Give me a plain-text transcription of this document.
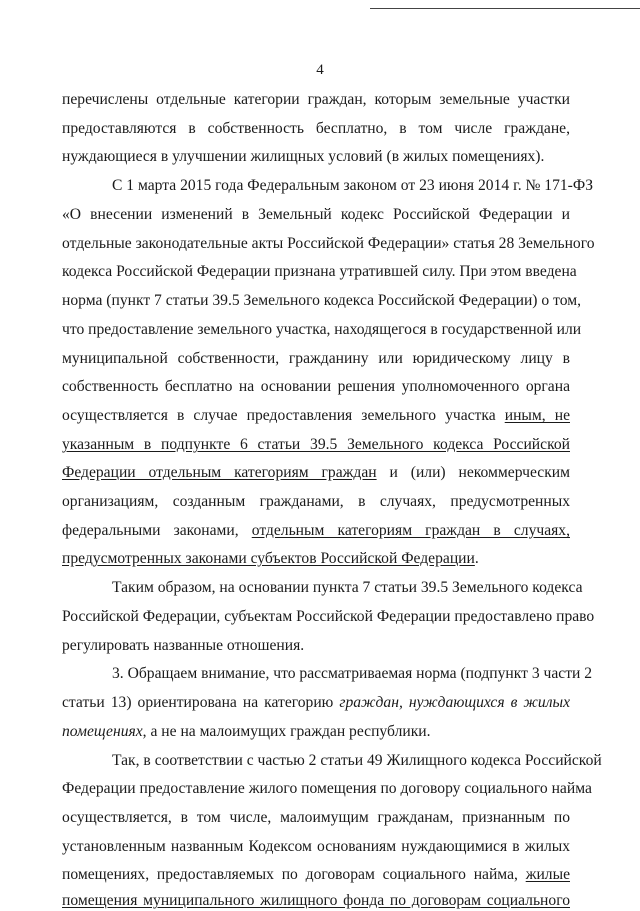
4
перечислены отдельные категории граждан, которым земельные участки
предоставляются в собственность бесплатно, в том числе граждане,
нуждающиеся в улучшении жилищных условий (в жилых помещениях).
С 1 марта 2015 года Федеральным законом от 23 июня 2014 г. № 171-ФЗ
«О внесении изменений в Земельный кодекс Российской Федерации и
отдельные законодательные акты Российской Федерации» статья 28 Земельного
кодекса Российской Федерации признана утратившей силу. При этом введена
норма (пункт 7 статьи 39.5 Земельного кодекса Российской Федерации) о том,
что предоставление земельного участка, находящегося в государственной или
муниципальной собственности, гражданину или юридическому лицу в
собственность бесплатно на основании решения уполномоченного органа
осуществляется в случае предоставления земельного участка иным, не
указанным в подпункте 6 статьи 39.5 Земельного кодекса Российской
Федерации отдельным категориям граждан и (или) некоммерческим
организациям, созданным гражданами, в случаях, предусмотренных
федеральными законами, отдельным категориям граждан в случаях,
предусмотренных законами субъектов Российской Федерации.
Таким образом, на основании пункта 7 статьи 39.5 Земельного кодекса
Российской Федерации, субъектам Российской Федерации предоставлено право
регулировать названные отношения.
3. Обращаем внимание, что рассматриваемая норма (подпункт 3 части 2
статьи 13) ориентирована на категорию граждан, нуждающихся в жилых
помещениях, а не на малоимущих граждан республики.
Так, в соответствии с частью 2 статьи 49 Жилищного кодекса Российской
Федерации предоставление жилого помещения по договору социального найма
осуществляется, в том числе, малоимущим гражданам, признанным по
установленным названным Кодексом основаниям нуждающимися в жилых
помещениях, предоставляемых по договорам социального найма, жилые
помещения муниципального жилищного фонда по договорам социального
